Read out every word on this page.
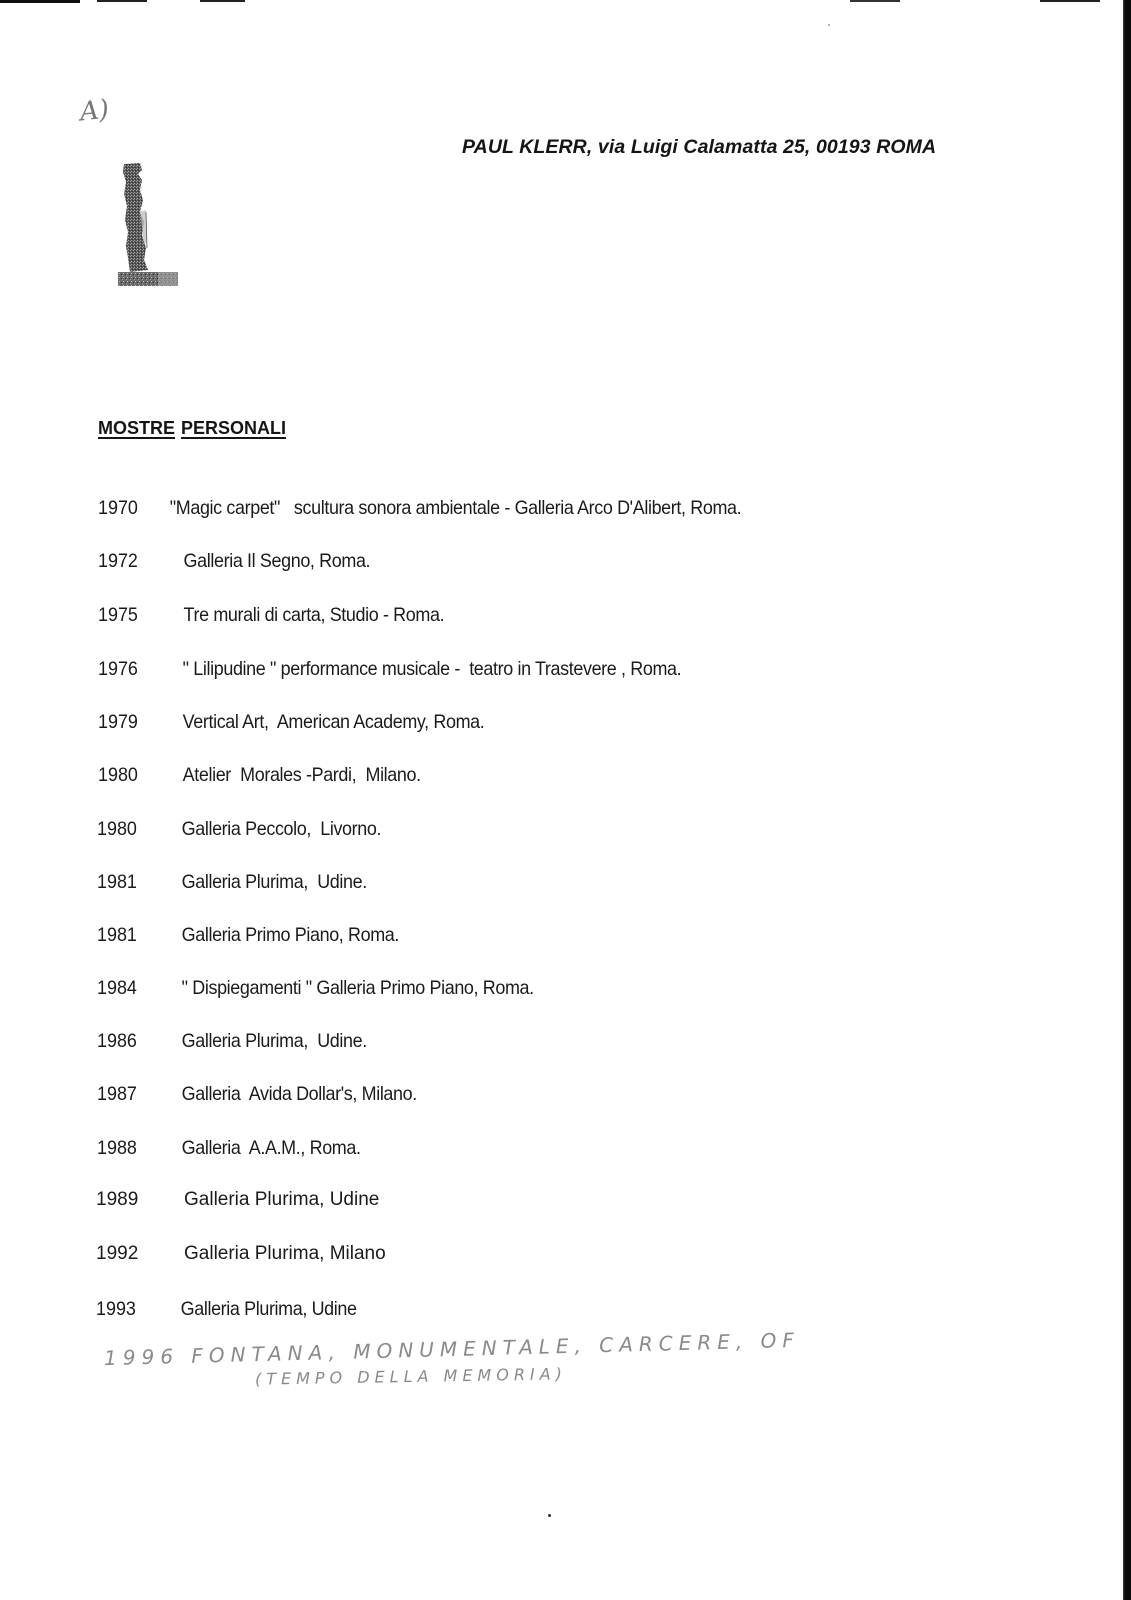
A)
PAUL KLERR, via Luigi Calamatta 25, 00193 ROMA
MOSTRE PERSONALI
1970 "Magic carpet"   scultura sonora ambientale - Galleria Arco D'Alibert, Roma.
1972 Galleria Il Segno, Roma.
1975 Tre murali di carta, Studio - Roma.
1976 " Lilipudine " performance musicale -  teatro in Trastevere , Roma.
1979 Vertical Art,  American Academy, Roma.
1980 Atelier  Morales -Pardi,  Milano.
1980 Galleria Peccolo,  Livorno.
1981 Galleria Plurima,  Udine.
1981 Galleria Primo Piano, Roma.
1984 " Dispiegamenti " Galleria Primo Piano, Roma.
1986 Galleria Plurima,  Udine.
1987 Galleria  Avida Dollar's, Milano.
1988 Galleria  A.A.M., Roma.
1989 Galleria Plurima, Udine
1992 Galleria Plurima, Milano
1993 Galleria Plurima, Udine
1996 FONTANA, MONUMENTALE, CARCERE, OF
(TEMPO DELLA MEMORIA)
